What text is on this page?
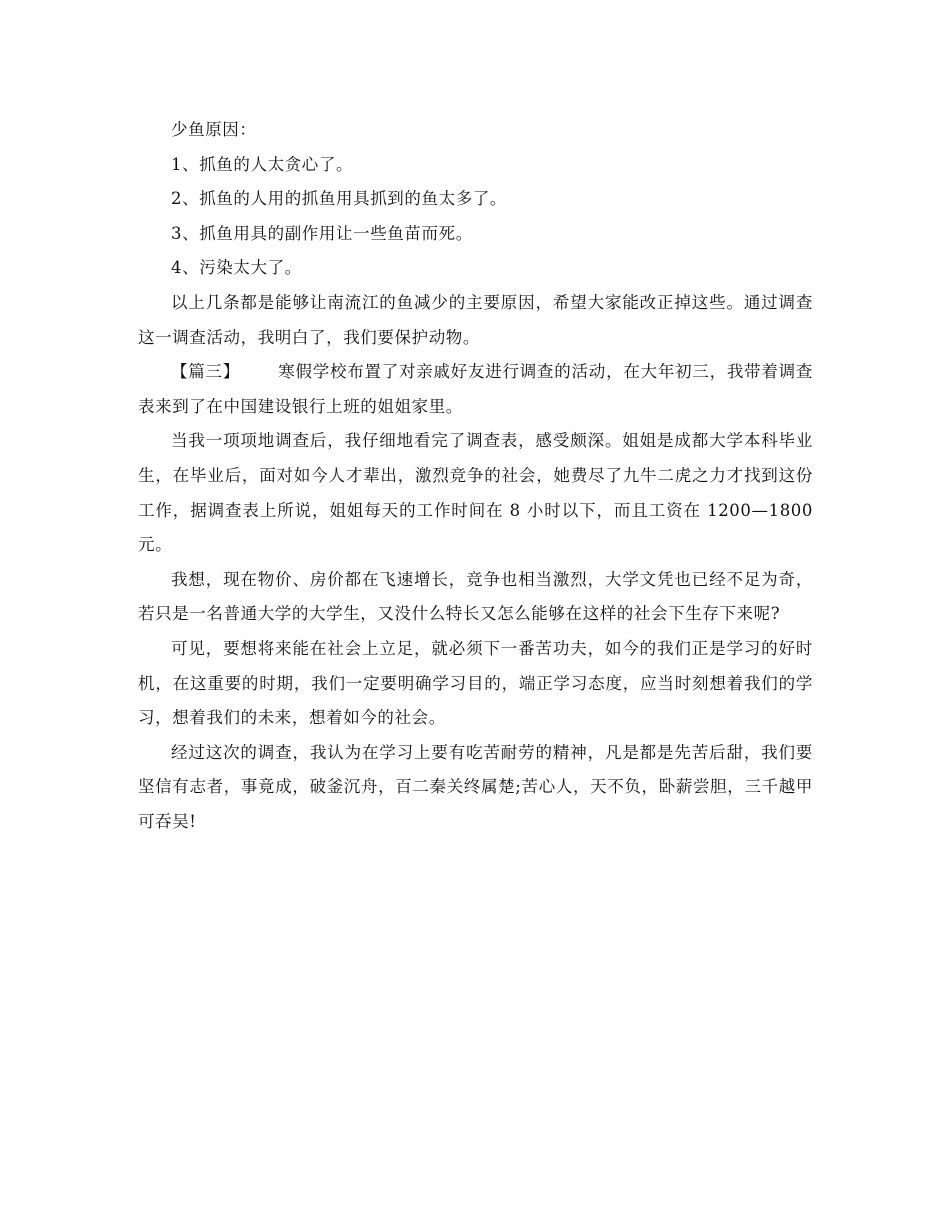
少鱼原因：

1、抓鱼的人太贪心了。

2、抓鱼的人用的抓鱼用具抓到的鱼太多了。

3、抓鱼用具的副作用让一些鱼苗而死。

4、污染太大了。

以上几条都是能够让南流江的鱼减少的主要原因，希望大家能改正掉这些。通过调查这一调查活动，我明白了，我们要保护动物。

【篇三】 寒假学校布置了对亲戚好友进行调查的活动，在大年初三，我带着调查表来到了在中国建设银行上班的姐姐家里。

当我一项项地调查后，我仔细地看完了调查表，感受颇深。姐姐是成都大学本科毕业生，在毕业后，面对如今人才辈出，激烈竞争的社会，她费尽了九牛二虎之力才找到这份工作，据调查表上所说，姐姐每天的工作时间在 8 小时以下，而且工资在 1200—1800 元。

我想，现在物价、房价都在飞速增长，竞争也相当激烈，大学文凭也已经不足为奇，若只是一名普通大学的大学生，又没什么特长又怎么能够在这样的社会下生存下来呢?

可见，要想将来能在社会上立足，就必须下一番苦功夫，如今的我们正是学习的好时机，在这重要的时期，我们一定要明确学习目的，端正学习态度，应当时刻想着我们的学习，想着我们的未来，想着如今的社会。

经过这次的调查，我认为在学习上要有吃苦耐劳的精神，凡是都是先苦后甜，我们要坚信有志者，事竟成，破釜沉舟，百二秦关终属楚;苦心人，天不负，卧薪尝胆，三千越甲可吞吴!
